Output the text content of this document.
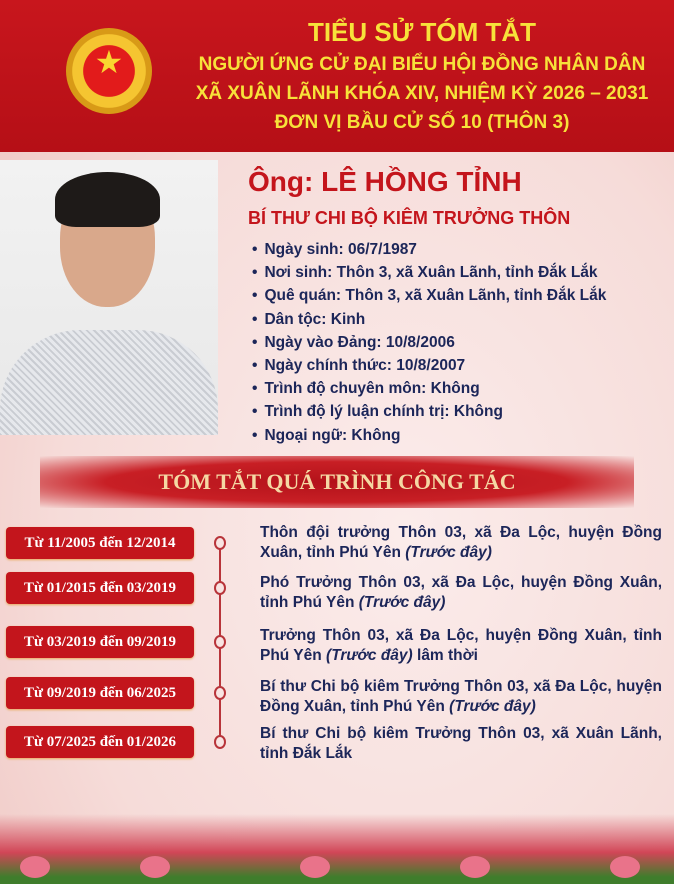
★
TIỂU SỬ TÓM TẮT
NGƯỜI ỨNG CỬ ĐẠI BIỂU HỘI ĐỒNG NHÂN DÂN
XÃ XUÂN LÃNH KHÓA XIV, NHIỆM KỲ 2026 – 2031
ĐƠN VỊ BẦU CỬ SỐ 10 (THÔN 3)
Ông: LÊ HỒNG TỈNH
BÍ THƯ CHI BỘ KIÊM TRƯỞNG THÔN
• Ngày sinh: 06/7/1987
• Nơi sinh: Thôn 3, xã Xuân Lãnh, tỉnh Đắk Lắk
• Quê quán: Thôn 3, xã Xuân Lãnh, tỉnh Đắk Lắk
• Dân tộc: Kinh
• Ngày vào Đảng: 10/8/2006
• Ngày chính thức: 10/8/2007
• Trình độ chuyên môn: Không
• Trình độ lý luận chính trị: Không
• Ngoại ngữ: Không
TÓM TẮT QUÁ TRÌNH CÔNG TÁC
Từ 11/2005 đến 12/2014
Thôn đội trưởng Thôn 03, xã Đa Lộc, huyện Đồng Xuân, tỉnh Phú Yên (Trước đây)
Từ 01/2015 đến 03/2019	Phó Trưởng Thôn 03, xã Đa Lộc, huyện Đồng Xuân, tỉnh Phú Yên (Trước đây)
Từ 03/2019 đến 09/2019	Trưởng Thôn 03, xã Đa Lộc, huyện Đồng Xuân, tỉnh Phú Yên (Trước đây) lâm thời
Từ 09/2019 đến 06/2025	Bí thư Chi bộ kiêm Trưởng Thôn 03, xã Đa Lộc, huyện Đồng Xuân, tỉnh Phú Yên (Trước đây)
Từ 07/2025 đến 01/2026	Bí thư Chi bộ kiêm Trưởng Thôn 03, xã Xuân Lãnh, tỉnh Đắk Lắk
